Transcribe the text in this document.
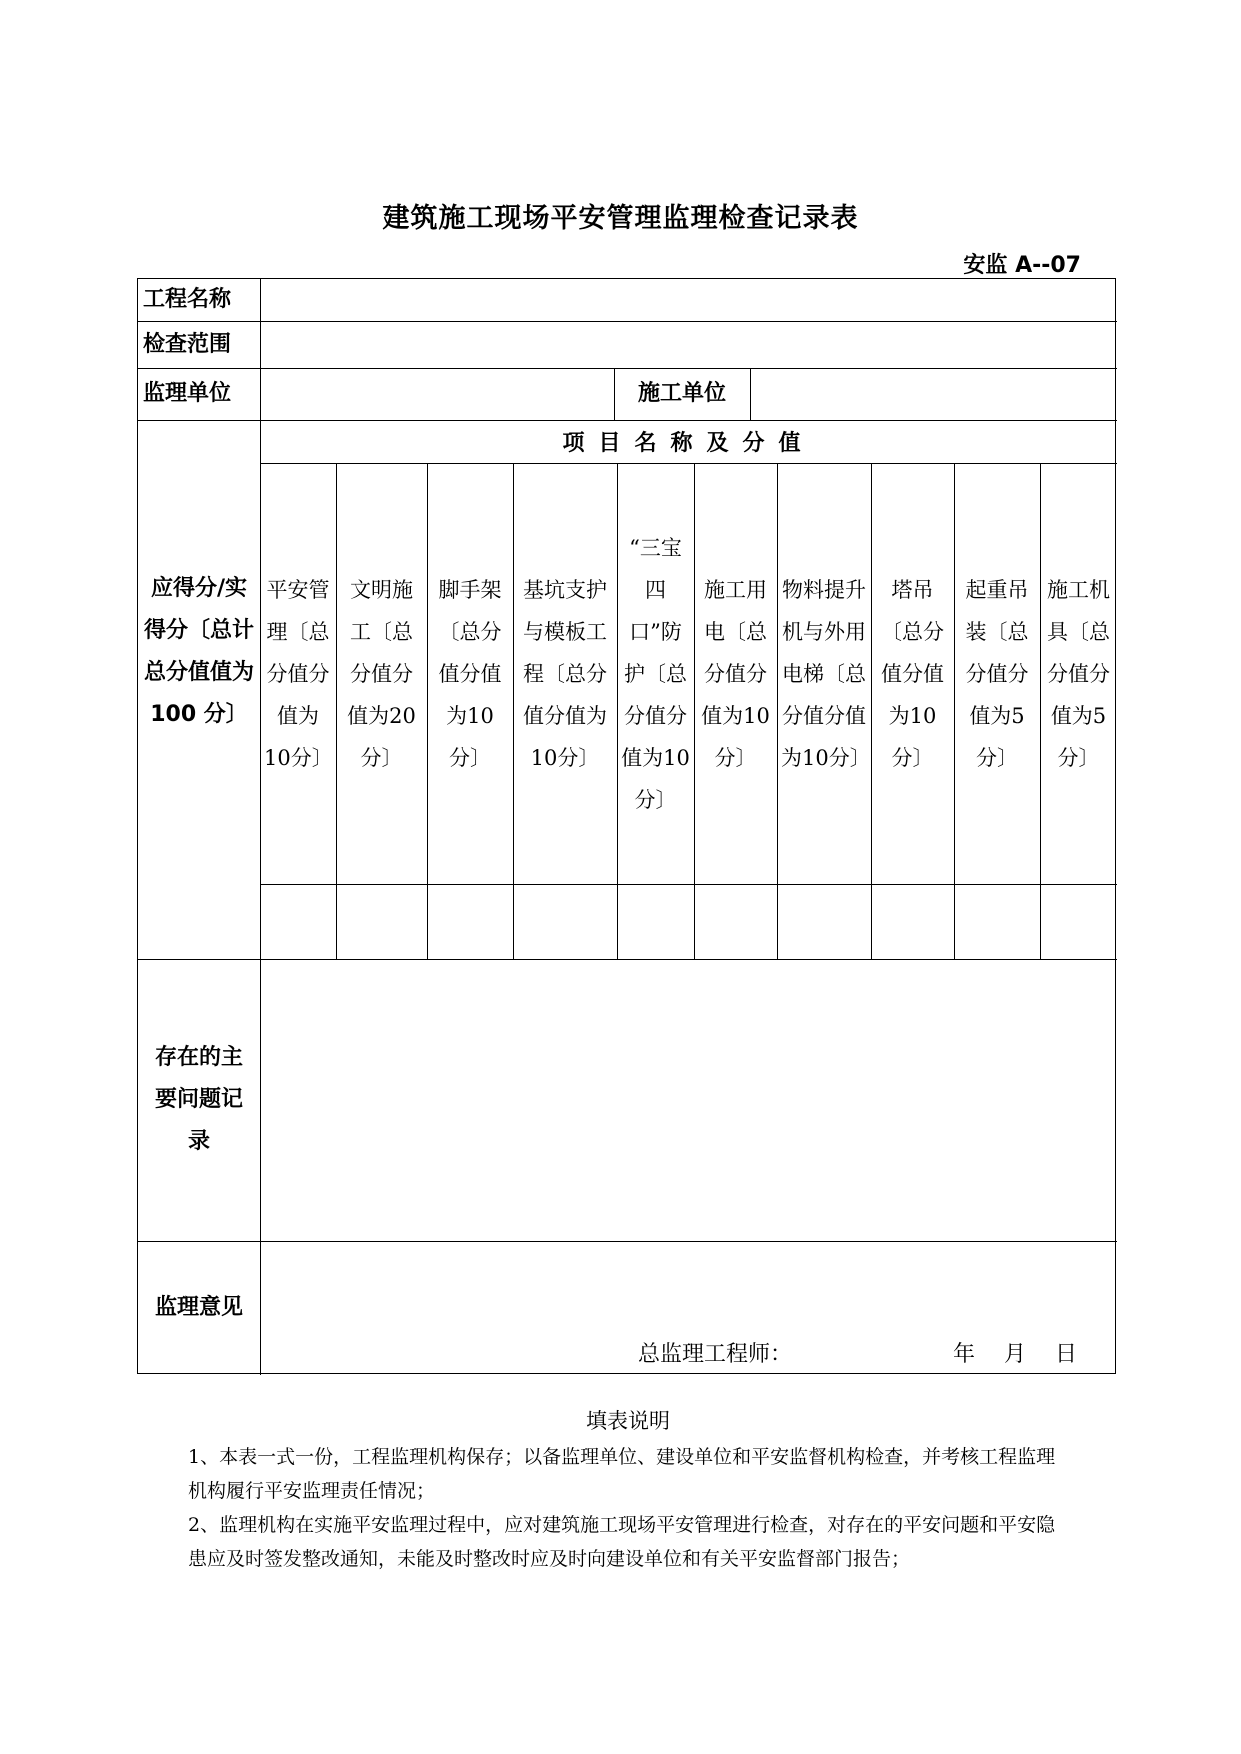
建筑施工现场平安管理监理检查记录表
安监 A--07
工程名称
检查范围
监理单位	施工单位
应得分/实得分〔总计总分值值为 100 分〕
项目名称及分值
存在的主要问题记录
监理意见
平安管理〔总分值分值为10分〕
文明施工〔总分值分值为20分〕
脚手架〔总分值分值为10分〕
基坑支护与模板工程〔总分值分值为10分〕
“三宝四口”防护〔总分值分值为10分〕
施工用电〔总分值分值为10分〕
物料提升机与外用电梯〔总分值分值为10分〕
塔吊〔总分值分值为10分〕
起重吊装〔总分值分值为5分〕
施工机具〔总分值分值为5分〕
总监理工程师：	年 月 日
填表说明

1、本表一式一份，工程监理机构保存；以备监理单位、建设单位和平安监督机构检查，并考核工程监理机构履行平安监理责任情况；

2、监理机构在实施平安监理过程中，应对建筑施工现场平安管理进行检查，对存在的平安问题和平安隐患应及时签发整改通知，未能及时整改时应及时向建设单位和有关平安监督部门报告；
